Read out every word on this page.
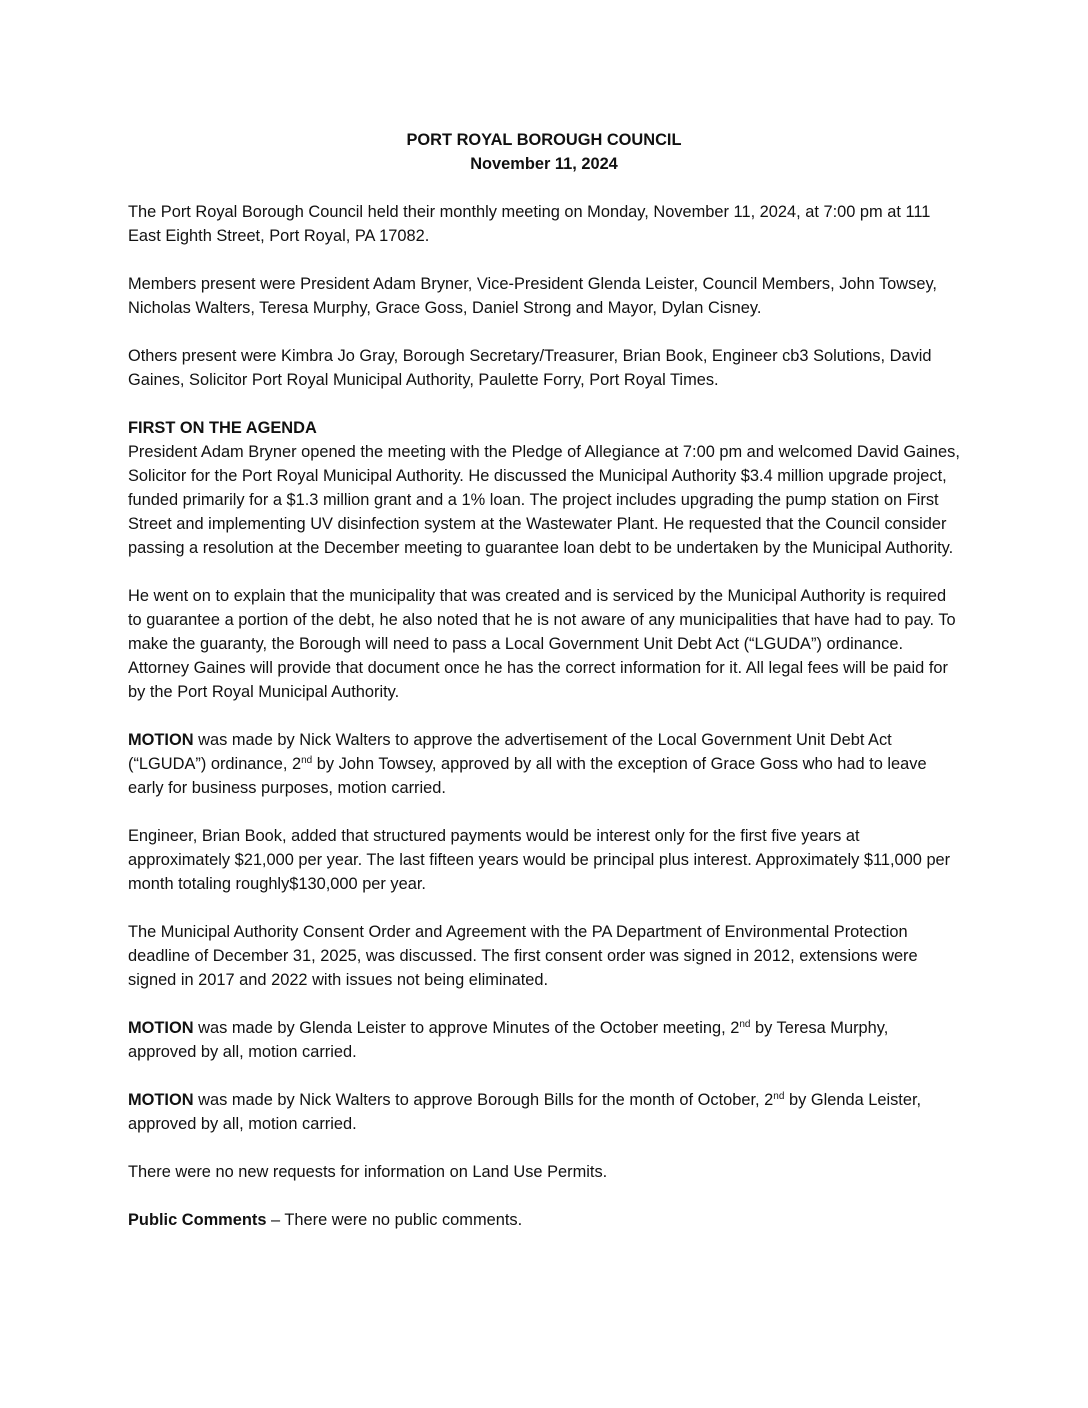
PORT ROYAL BOROUGH COUNCIL
November 11, 2024

The Port Royal Borough Council held their monthly meeting on Monday, November 11, 2024, at 7:00 pm at 111 East Eighth Street, Port Royal, PA 17082.

Members present were President Adam Bryner, Vice-President Glenda Leister, Council Members, John Towsey, Nicholas Walters, Teresa Murphy, Grace Goss, Daniel Strong and Mayor, Dylan Cisney.

Others present were Kimbra Jo Gray, Borough Secretary/Treasurer, Brian Book, Engineer cb3 Solutions, David Gaines, Solicitor Port Royal Municipal Authority, Paulette Forry, Port Royal Times.

FIRST ON THE AGENDA

President Adam Bryner opened the meeting with the Pledge of Allegiance at 7:00 pm and welcomed David Gaines, Solicitor for the Port Royal Municipal Authority. He discussed the Municipal Authority $3.4 million upgrade project, funded primarily for a $1.3 million grant and a 1% loan. The project includes upgrading the pump station on First Street and implementing UV disinfection system at the Wastewater Plant. He requested that the Council consider passing a resolution at the December meeting to guarantee loan debt to be undertaken by the Municipal Authority.

He went on to explain that the municipality that was created and is serviced by the Municipal Authority is required to guarantee a portion of the debt, he also noted that he is not aware of any municipalities that have had to pay. To make the guaranty, the Borough will need to pass a Local Government Unit Debt Act (“LGUDA”) ordinance. Attorney Gaines will provide that document once he has the correct information for it. All legal fees will be paid for by the Port Royal Municipal Authority.

MOTION was made by Nick Walters to approve the advertisement of the Local Government Unit Debt Act (“LGUDA”) ordinance, 2nd by John Towsey, approved by all with the exception of Grace Goss who had to leave early for business purposes, motion carried.

Engineer, Brian Book, added that structured payments would be interest only for the first five years at approximately $21,000 per year. The last fifteen years would be principal plus interest. Approximately $11,000 per month totaling roughly$130,000 per year.

The Municipal Authority Consent Order and Agreement with the PA Department of Environmental Protection deadline of December 31, 2025, was discussed. The first consent order was signed in 2012, extensions were signed in 2017 and 2022 with issues not being eliminated.

MOTION was made by Glenda Leister to approve Minutes of the October meeting, 2nd by Teresa Murphy, approved by all, motion carried.

MOTION was made by Nick Walters to approve Borough Bills for the month of October, 2nd by Glenda Leister, approved by all, motion carried.

There were no new requests for information on Land Use Permits.

Public Comments – There were no public comments.
